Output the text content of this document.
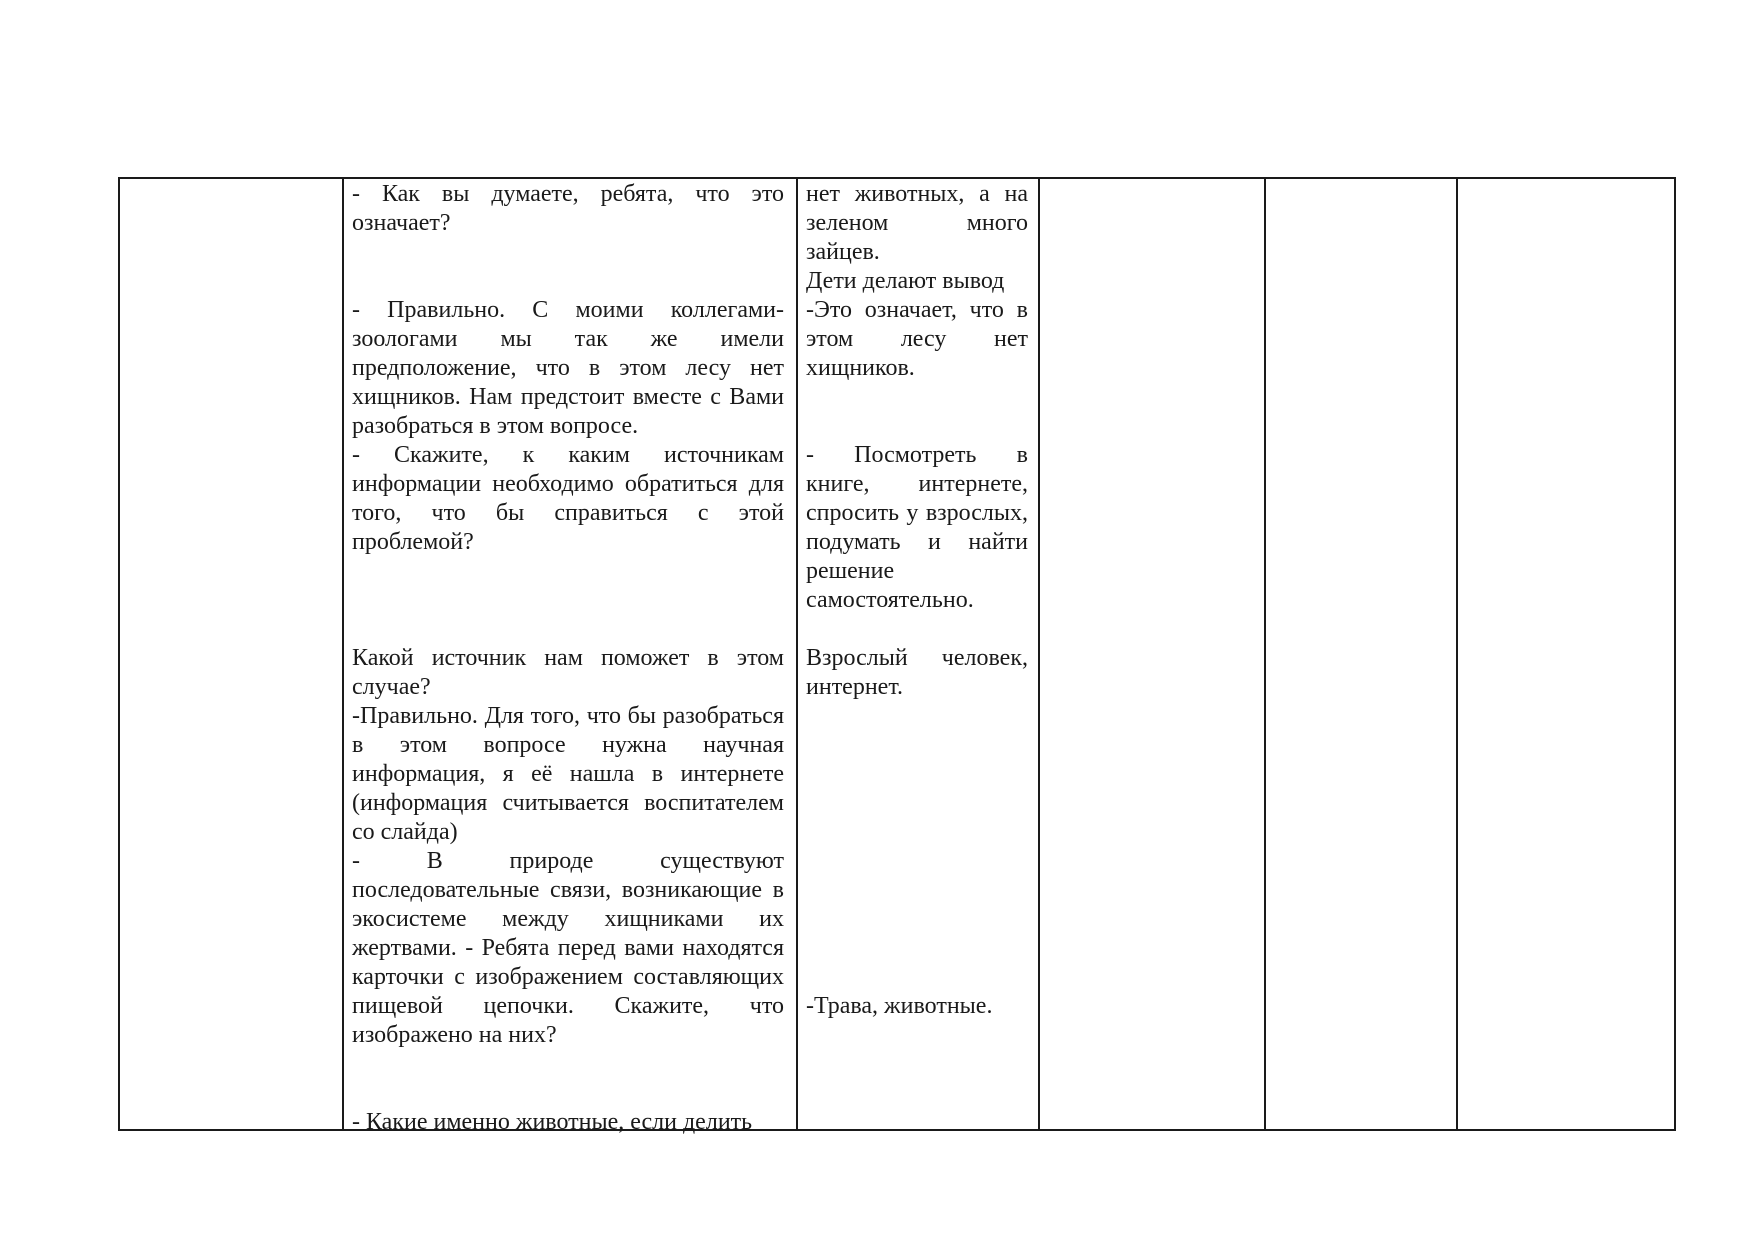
- Как вы думаете, ребята, что это означает?

- Правильно. С моими коллегами-зоологами мы так же имели предположение, что в этом лесу нет хищников. Нам предстоит вместе с Вами разобраться в этом вопросе.

- Скажите, к каким источникам информации необходимо обратиться для того, что бы справиться с этой проблемой?

Какой источник нам поможет в этом случае?

-Правильно. Для того, что бы разобраться в этом вопросе нужна научная информация, я её нашла в интернете (информация считывается воспитателем со слайда)

- В природе существуют последовательные связи, возникающие в экосистеме между хищниками их жертвами. - Ребята перед вами находятся карточки с изображением составляющих пищевой цепочки. Скажите, что изображено на них?

- Какие именно животные, если делить

нет животных, а на зеленом много зайцев.

Дети делают вывод

-Это означает, что в этом лесу нет хищников.

- Посмотреть в книге, интернете, спросить у взрослых, подумать и найти решение самостоятельно.

Взрослый человек, интернет.

-Трава, животные.
